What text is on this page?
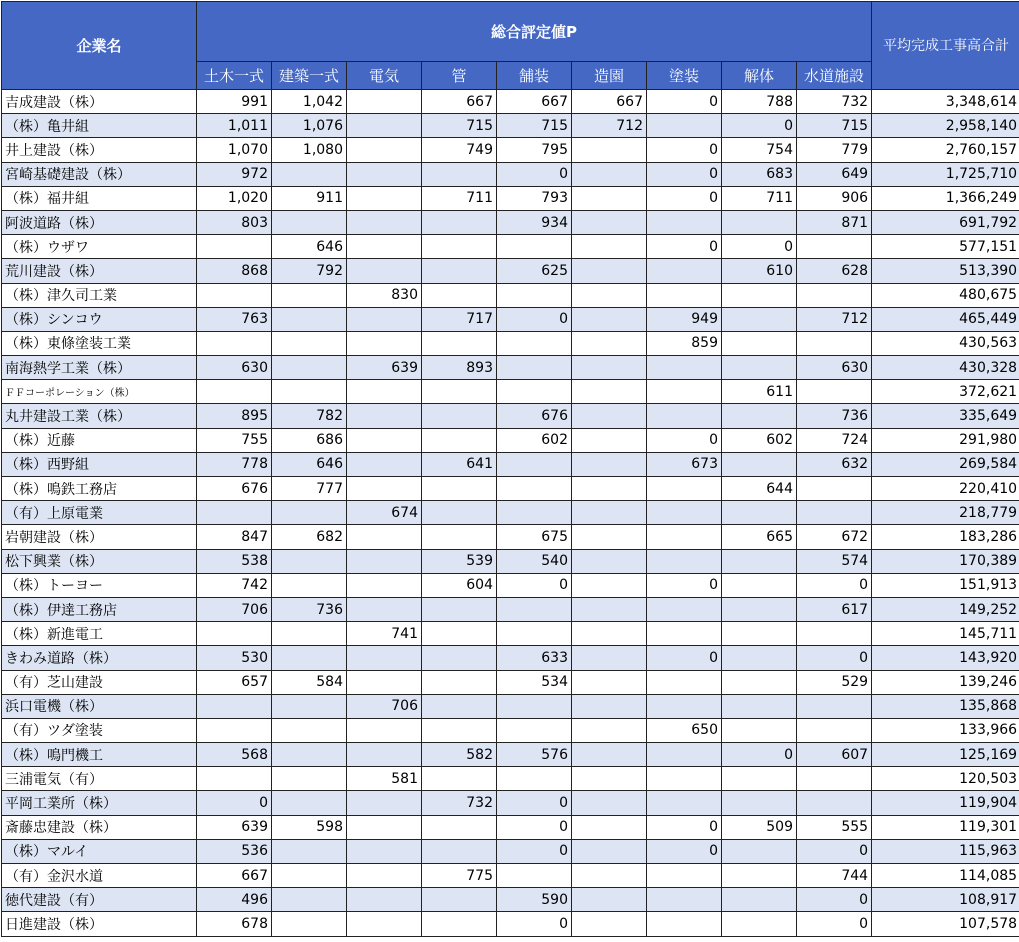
企業名	総合評定値P									平均完成工事高合計
	土木一式	建築一式	電気	管	舗装	造園	塗装	解体	水道施設	
吉成建設（株）	991	1,042		667	667	667	0	788	732	3,348,614
（株）亀井組	1,011	1,076		715	715	712		0	715	2,958,140
井上建設（株）	1,070	1,080		749	795		0	754	779	2,760,157
宮崎基礎建設（株）	972				0		0	683	649	1,725,710
（株）福井組	1,020	911		711	793		0	711	906	1,366,249
阿波道路（株）	803				934				871	691,792
（株）ウザワ		646					0	0		577,151
荒川建設（株）	868	792			625			610	628	513,390
（株）津久司工業			830							480,675
（株）シンコウ	763			717	0		949		712	465,449
（株）東條塗装工業							859			430,563
南海熱学工業（株）	630		639	893					630	430,328
ＦＦコーポレーション（株）								611		372,621
丸井建設工業（株）	895	782			676				736	335,649
（株）近藤	755	686			602		0	602	724	291,980
（株）西野組	778	646		641			673		632	269,584
（株）鳴鉄工務店	676	777						644		220,410
（有）上原電業			674							218,779
岩朝建設（株）	847	682			675			665	672	183,286
松下興業（株）	538			539	540				574	170,389
（株）トーヨー	742			604	0		0		0	151,913
（株）伊達工務店	706	736							617	149,252
（株）新進電工			741							145,711
きわみ道路（株）	530				633		0		0	143,920
（有）芝山建設	657	584			534				529	139,246
浜口電機（株）			706							135,868
（有）ツダ塗装							650			133,966
（株）鳴門機工	568			582	576			0	607	125,169
三浦電気（有）			581							120,503
平岡工業所（株）	0			732	0					119,904
斎藤忠建設（株）	639	598			0		0	509	555	119,301
（株）マルイ	536				0		0		0	115,963
（有）金沢水道	667			775					744	114,085
徳代建設（有）	496				590				0	108,917
日進建設（株）	678				0				0	107,578
